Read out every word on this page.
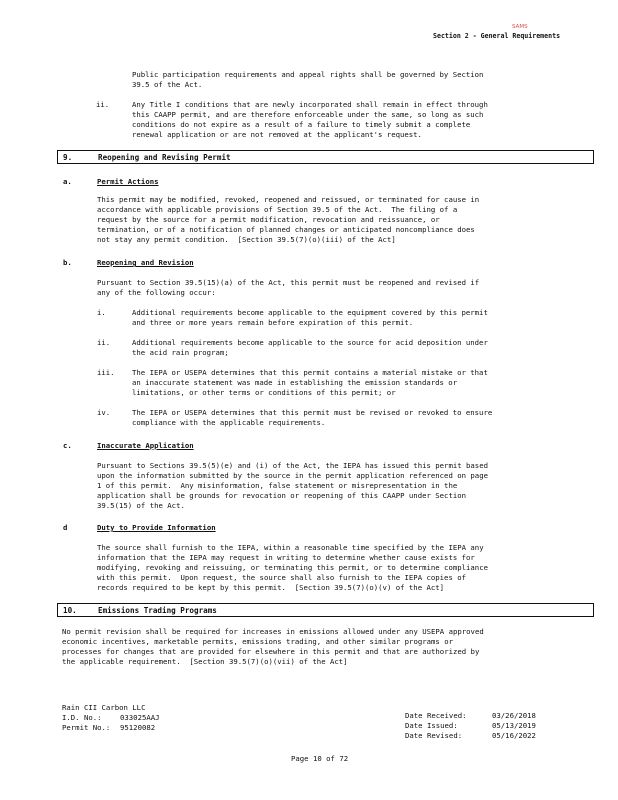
SAMS
Section 2 - General Requirements
Public participation requirements and appeal rights shall be governed by Section
39.5 of the Act.
ii.	Any Title I conditions that are newly incorporated shall remain in effect through
this CAAPP permit, and are therefore enforceable under the same, so long as such
conditions do not expire as a result of a failure to timely submit a complete
renewal application or are not removed at the applicant's request.
9.	Reopening and Revising Permit
a.	Permit Actions
This permit may be modified, revoked, reopened and reissued, or terminated for cause in
accordance with applicable provisions of Section 39.5 of the Act.  The filing of a
request by the source for a permit modification, revocation and reissuance, or
termination, or of a notification of planned changes or anticipated noncompliance does
not stay any permit condition.  [Section 39.5(7)(o)(iii) of the Act]
b.	Reopening and Revision
Pursuant to Section 39.5(15)(a) of the Act, this permit must be reopened and revised if
any of the following occur:
i.	Additional requirements become applicable to the equipment covered by this permit
and three or more years remain before expiration of this permit.
ii.	Additional requirements become applicable to the source for acid deposition under
the acid rain program;
iii. The IEPA or USEPA determines that this permit contains a material mistake or that
an inaccurate statement was made in establishing the emission standards or
limitations, or other terms or conditions of this permit; or
iv.	The IEPA or USEPA determines that this permit must be revised or revoked to ensure
compliance with the applicable requirements.
c.	Inaccurate Application
Pursuant to Sections 39.5(5)(e) and (i) of the Act, the IEPA has issued this permit based
upon the information submitted by the source in the permit application referenced on page
1 of this permit.  Any misinformation, false statement or misrepresentation in the
application shall be grounds for revocation or reopening of this CAAPP under Section
39.5(15) of the Act.
d	Duty to Provide Information
The source shall furnish to the IEPA, within a reasonable time specified by the IEPA any
information that the IEPA may request in writing to determine whether cause exists for
modifying, revoking and reissuing, or terminating this permit, or to determine compliance
with this permit.  Upon request, the source shall also furnish to the IEPA copies of
records required to be kept by this permit.  [Section 39.5(7)(o)(v) of the Act]
10.	Emissions Trading Programs
No permit revision shall be required for increases in emissions allowed under any USEPA approved
economic incentives, marketable permits, emissions trading, and other similar programs or
processes for changes that are provided for elsewhere in this permit and that are authorized by
the applicable requirement.  [Section 39.5(7)(o)(vii) of the Act]
Rain CII Carbon LLC
I.D. No.:	033025AAJ
Permit No.: 95120082
Date Received:	03/26/2018
Date Issued:	05/13/2019
Date Revised:	05/16/2022
Page 10 of 72
